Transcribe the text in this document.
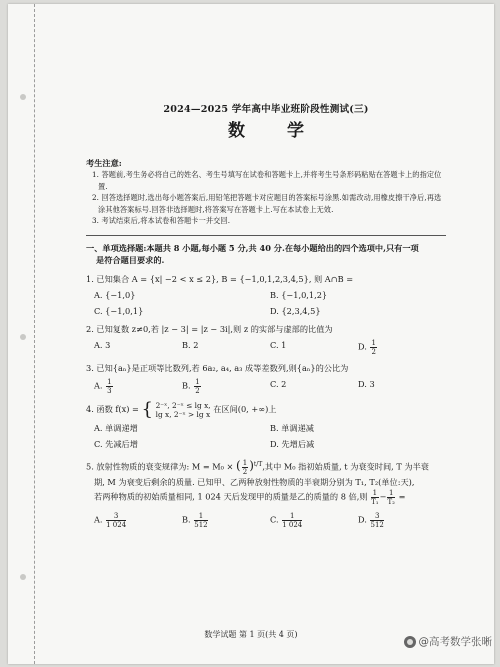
2024—2025 学年高中毕业班阶段性测试(三)
数 学
考生注意:
1. 答题前,考生务必将自己的姓名、考生号填写在试卷和答题卡上,并将考生号条形码粘贴在答题卡上的指定位置.
2. 回答选择题时,选出每小题答案后,用铅笔把答题卡对应题目的答案标号涂黑.如需改动,用橡皮擦干净后,再选涂其他答案标号.回答非选择题时,将答案写在答题卡上.写在本试卷上无效.
3. 考试结束后,将本试卷和答题卡一并交回.
一、单项选择题:本题共 8 小题,每小题 5 分,共 40 分.在每小题给出的四个选项中,只有一项
是符合题目要求的.
1. 已知集合 A = {x| −2 < x ≤ 2}, B = {−1,0,1,2,3,4,5}, 则 A∩B =
A. {−1,0}	B. {−1,0,1,2}
C. {−1,0,1}	D. {2,3,4,5}
2. 已知复数 z≠0,若 |z − 3| = |z − 3i|,则 z 的实部与虚部的比值为
A. 3	B. 2	C. 1	D. $\frac{1}{2}$
3. 已知{aₙ}是正项等比数列,若 6a₂, a₄, a₃ 成等差数列,则{aₙ}的公比为
A. $\frac{1}{3}$	B. $\frac{1}{2}$	C. 2	D. 3
4. 函数 f(x) = { 2⁻ˣ, 2⁻ˣ ≤ lg x,
lg x, 2⁻ˣ > lg x
在区间(0, +∞)上
A. 单调递增	B. 单调递减
C. 先减后增	D. 先增后减
5. 放射性物质的衰变规律为: M = M₀ × ( $\frac{1}{2} )^{t/T}$,其中 M₀ 指初始质量, t 为衰变时间, T 为半衰
期, M 为衰变后剩余的质量. 已知甲、乙两种放射性物质的半衰期分别为 T₁, T₂(单位:天),
若两种物质的初始质量相同, 1 024 天后发现甲的质量是乙的质量的 8 倍,则 $\frac{1}{\text{T₁}} - \frac{1}{\text{T₂}}$ =
A. $\frac{3}{1 024}$	B. $\frac{1}{512}$	C. $\frac{1}{1 024}$	D. $\frac{3}{512}$
数学试题 第 1 页(共 4 页)
@高考数学张晰
